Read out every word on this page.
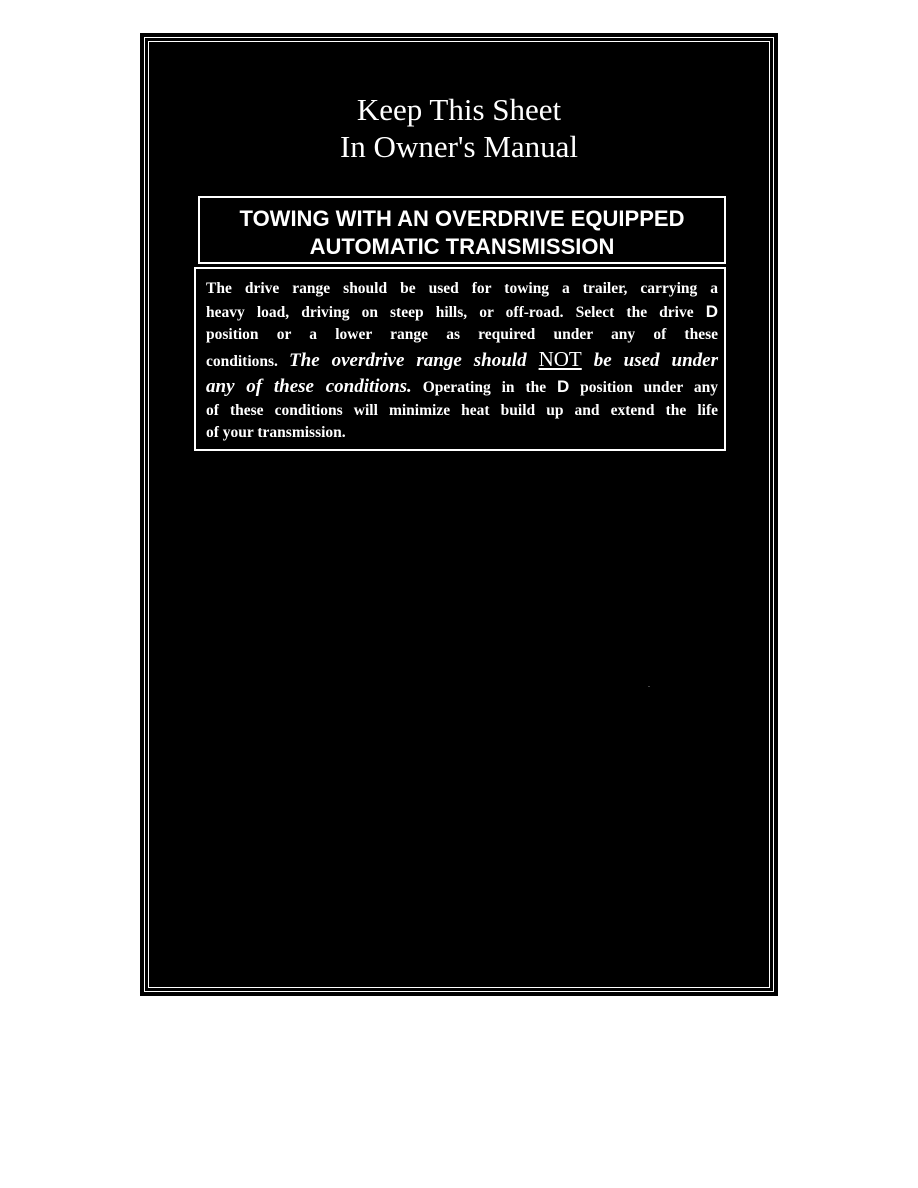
Keep This Sheet
In Owner's Manual
TOWING WITH AN OVERDRIVE EQUIPPED
AUTOMATIC TRANSMISSION
The drive range should be used for towing a trailer, carrying a
heavy load, driving on steep hills, or off-road. Select the drive D
position or a lower range as required under any of these
conditions. The overdrive range should NOT be used under
any of these conditions. Operating in the D position under any
of these conditions will minimize heat build up and extend the life
of your transmission.
